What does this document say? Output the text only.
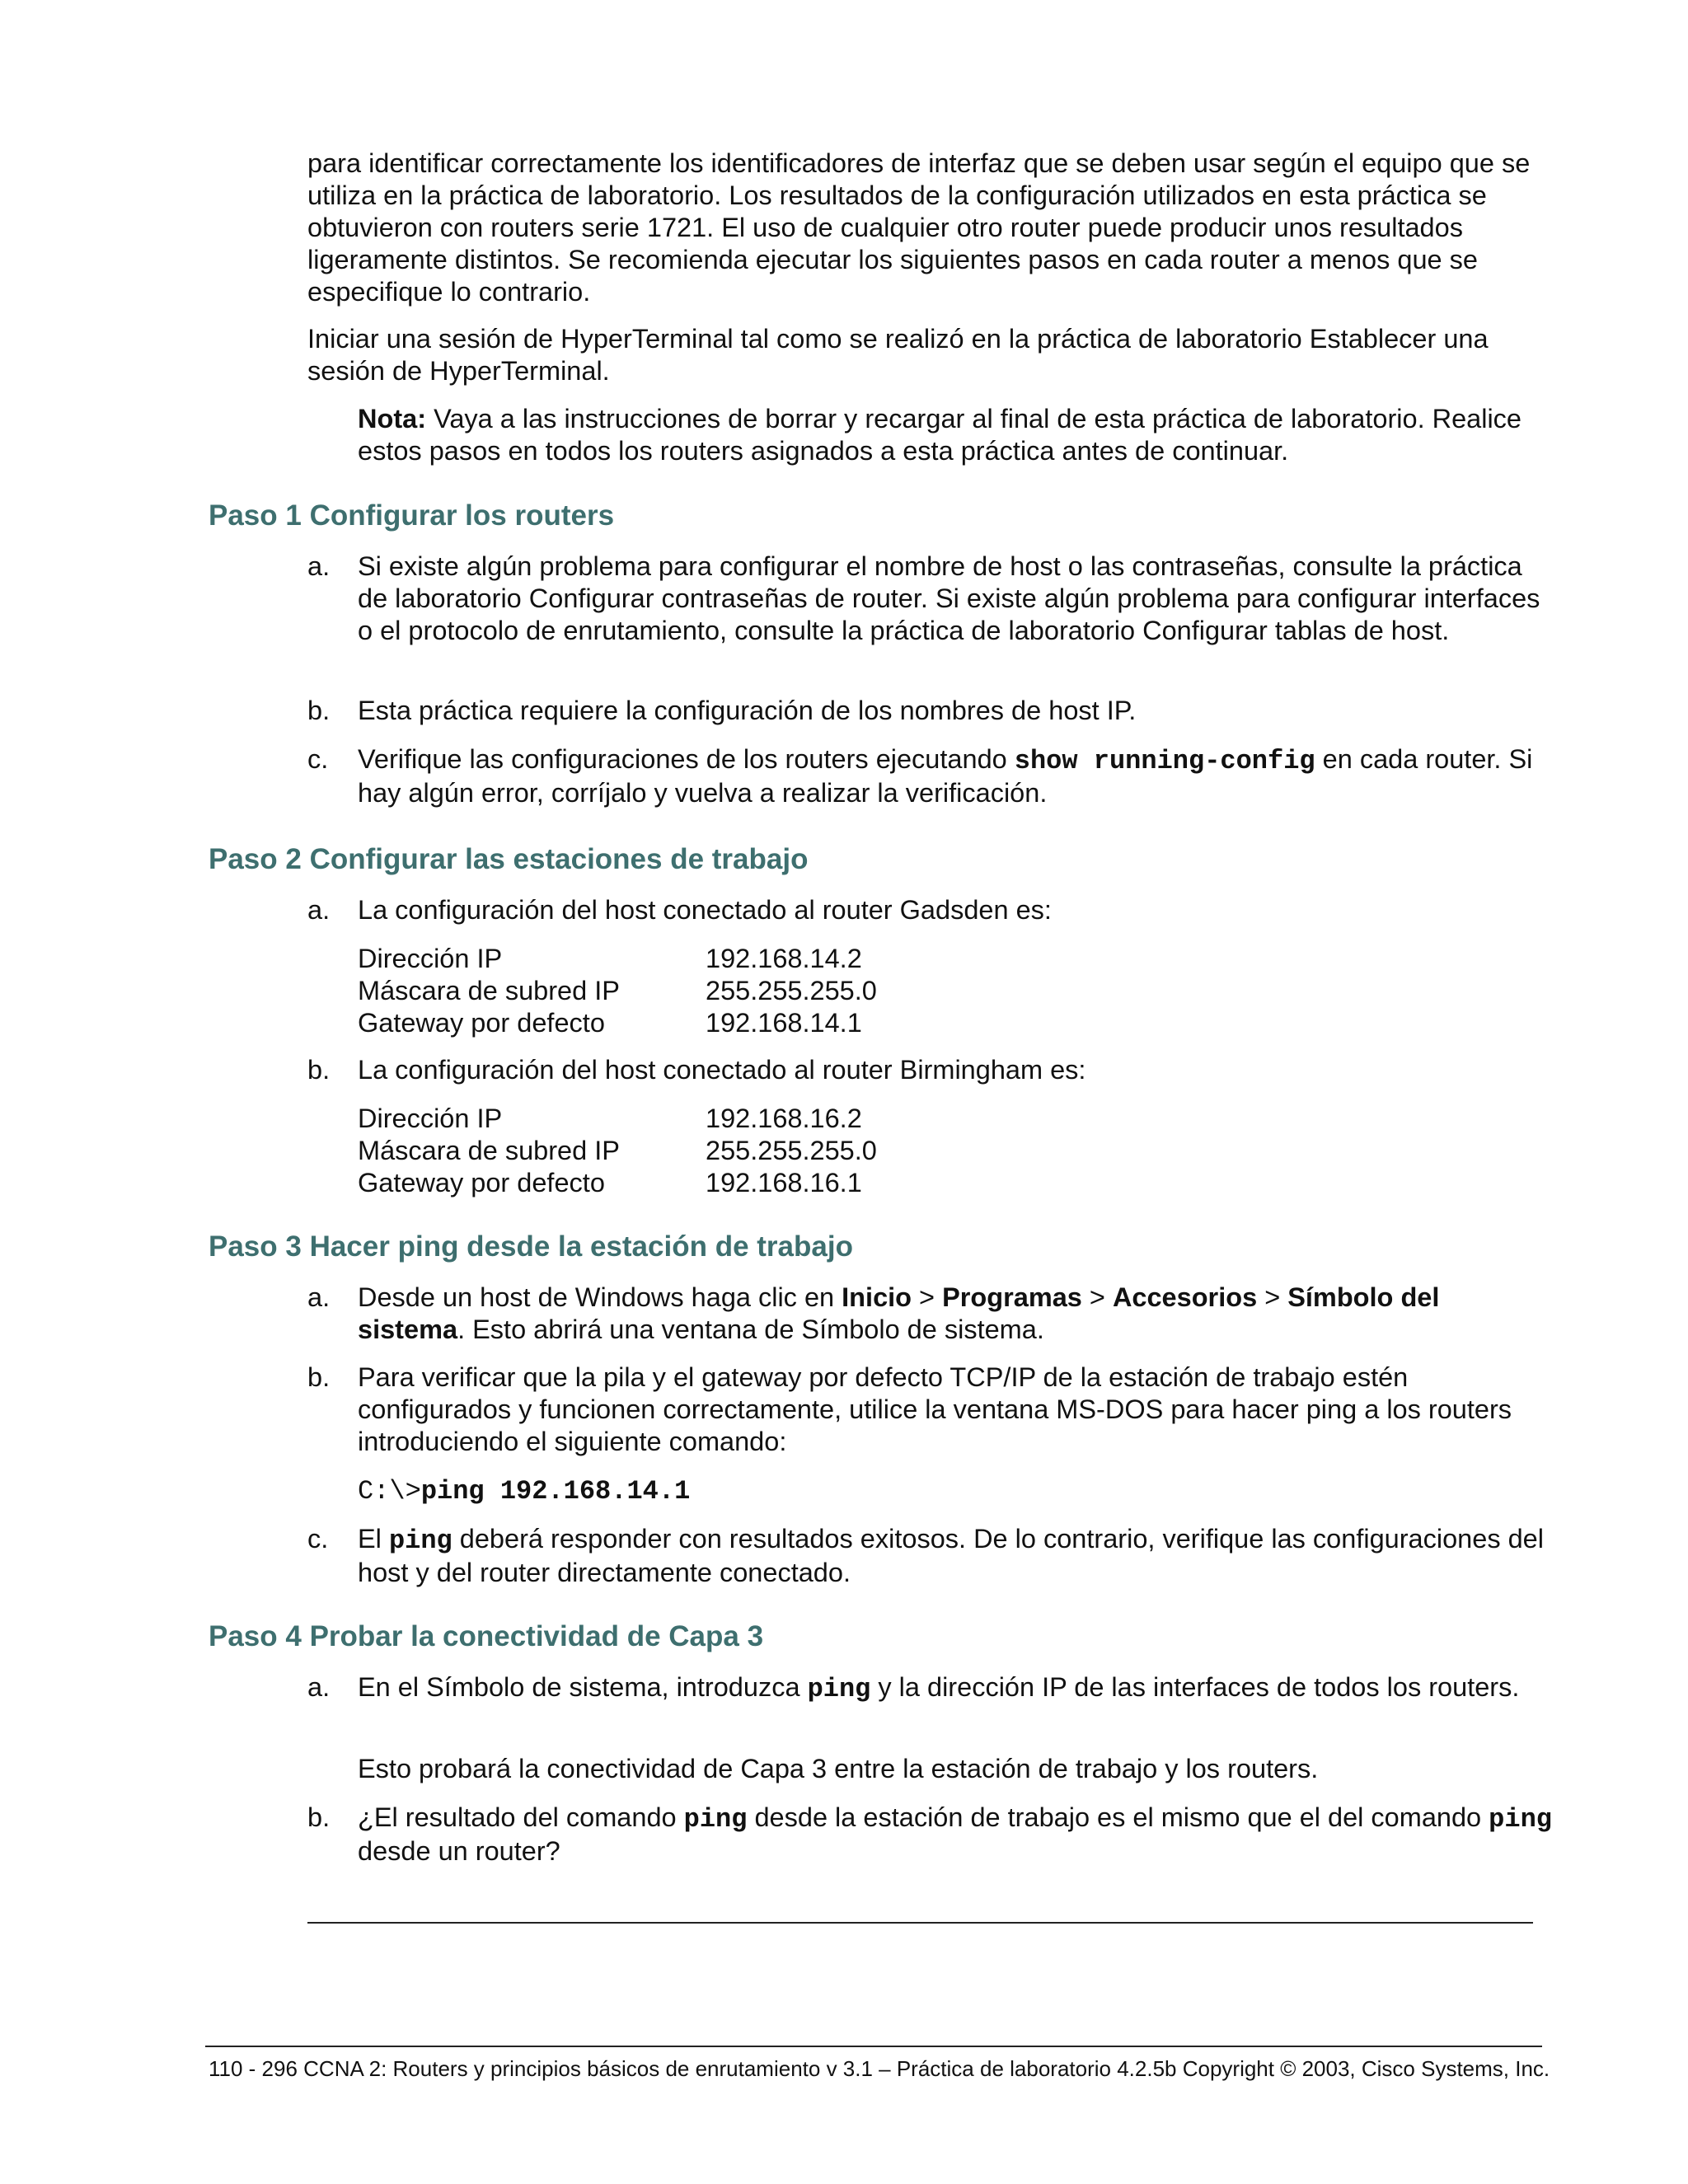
para identificar correctamente los identificadores de interfaz que se deben usar según el equipo que se utiliza en la práctica de laboratorio. Los resultados de la configuración utilizados en esta práctica se obtuvieron con routers serie 1721. El uso de cualquier otro router puede producir unos resultados ligeramente distintos. Se recomienda ejecutar los siguientes pasos en cada router a menos que se especifique lo contrario.

Iniciar una sesión de HyperTerminal tal como se realizó en la práctica de laboratorio Establecer una sesión de HyperTerminal.

Nota: Vaya a las instrucciones de borrar y recargar al final de esta práctica de laboratorio. Realice estos pasos en todos los routers asignados a esta práctica antes de continuar.

Paso 1 Configurar los routers
a.	Si existe algún problema para configurar el nombre de host o las contraseñas, consulte la práctica de laboratorio Configurar contraseñas de router. Si existe algún problema para configurar interfaces o el protocolo de enrutamiento, consulte la práctica de laboratorio Configurar tablas de host.

b.	Esta práctica requiere la configuración de los nombres de host IP.

c.	Verifique las configuraciones de los routers ejecutando show running-config en cada router. Si hay algún error, corríjalo y vuelva a realizar la verificación.

Paso 2 Configurar las estaciones de trabajo
a.	La configuración del host conectado al router Gadsden es:

Dirección IP	192.168.14.2
Máscara de subred IP	255.255.255.0
Gateway por defecto	192.168.14.1
b.	La configuración del host conectado al router Birmingham es:

Dirección IP	192.168.16.2
Máscara de subred IP	255.255.255.0
Gateway por defecto	192.168.16.1
Paso 3 Hacer ping desde la estación de trabajo
a.	Desde un host de Windows haga clic en Inicio > Programas > Accesorios > Símbolo del sistema. Esto abrirá una ventana de Símbolo de sistema.

b.	Para verificar que la pila y el gateway por defecto TCP/IP de la estación de trabajo estén configurados y funcionen correctamente, utilice la ventana MS-DOS para hacer ping a los routers introduciendo el siguiente comando:

C:\>ping 192.168.14.1
c.	El ping deberá responder con resultados exitosos. De lo contrario, verifique las configuraciones del host y del router directamente conectado.

Paso 4 Probar la conectividad de Capa 3
a.	En el Símbolo de sistema, introduzca ping y la dirección IP de las interfaces de todos los routers.

Esto probará la conectividad de Capa 3 entre la estación de trabajo y los routers.

b.	¿El resultado del comando ping desde la estación de trabajo es el mismo que el del comando ping desde un router?

110 - 296 CCNA 2: Routers y principios básicos de enrutamiento v 3.1 – Práctica de laboratorio 4.2.5b Copyright © 2003, Cisco Systems, Inc.
